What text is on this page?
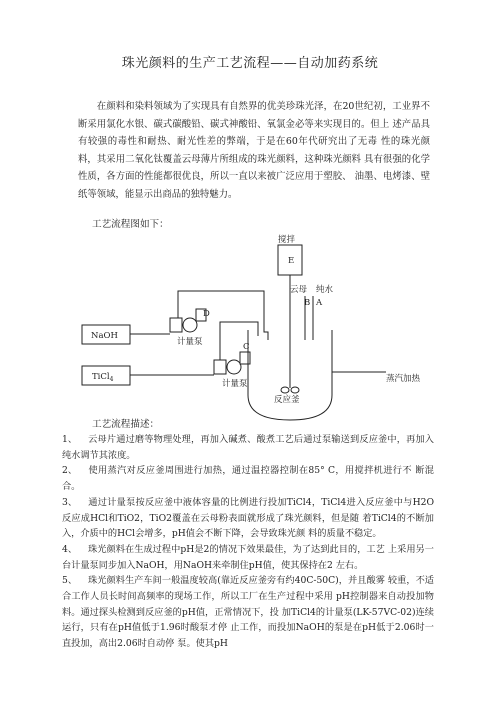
珠光颜料的生产工艺流程——自动加药系统

在颜料和染料领域为了实现具有自然界的优美珍珠光泽，在20世纪初，工业界不断采用氯化水银、碳式碳酸铅、碳式神酸铅、氧氯金必等来实现目的。但上 述产品具有较强的毒性和耐热、耐光性差的弊端，于是在60年代研究出了无毒 性的珠光颜料，其采用二氧化钛覆盖云母薄片所组成的珠光颜料，这种珠光颜料 具有很强的化学性质，各方面的性能都很优良，所以一直以来被广泛应用于塑胶、 油墨、电烤漆、壁纸等领域，能显示出商品的独特魅力。

工艺流程图如下：
NaOH
TiCl$_4$
D
计量泵	C
计量泵
E
搅拌
云母 纯水
B A
反应釜
蒸汽加热
工艺流程描述：

1、 云母片通过磨等物理处理，再加入碱煮、酸煮工艺后通过泵输送到反应釜中，再加入纯水调节其浓度。

2、 使用蒸汽对反应釜周围进行加热，通过温控器控制在85° C，用搅拌机进行不 断混合。

3、 通过计量泵按反应釜中液体容量的比例进行投加TiCl4，TiCl4进入反应釜中与H2O反应成HCl和TiO2，TiO2覆盖在云母粉表面就形成了珠光颜料，但是随 着TiCl4的不断加入，介质中的HCl会增多，pH值会不断下降，会导致珠光颜 料的质量不稳定。

4、 珠光颜料在生成过程中pH是2的情况下效果最佳，为了达到此目的，工艺 上采用另一台计量泵同步加入NaOH，用NaOH来牵制住pH值，使其保持在2 左右。

5、 珠光颜料生产车间一般温度较高(靠近反应釜旁有约40C-50C)，并且酸雾 较重，不适合工作人员长时间高频率的现场工作，所以工厂在生产过程中采用 pH控制器来自动投加物料。通过探头检测到反应釜的pH值，正常情况下，投 加TiCl4的计量泵(LK-57VC-02)连续运行，只有在pH值低于1.96时酸泵才停 止工作，而投加NaOH的泵是在pH低于2.06时一直投加，高出2.06时自动停 泵。使其pH
